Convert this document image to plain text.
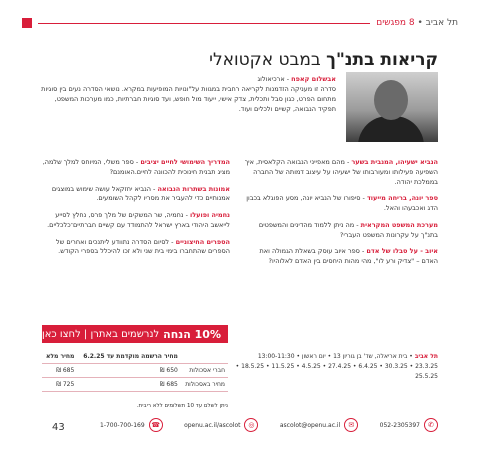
תל אביב • 8 מפגשים
קריאות בתנ"ך במבט אקטואלי
אבשלום קאפח - ארכיאולוג
סדרה זו מעניקה הזדמנות לקריאה רחבית במגוות על"ונויות המופיעות במקרא. נושאי הסדרה נעים בין סוגיות מתחום הפרט, כגון סבל ותכלית, צדק אישי, ייעוד מול חופש, ועד סוגיות חברתיות, כמו מערכות המשפט, תפקיד הנבואה, קשיים ולכלים ועוד.

הנביא ישעיהו, המנבית בשער - מהם מאפייני הנבואה הקלאסית, איך השפיעה פעילותו ומעורבותו של ישעיהו על עיצוב דמותה של החברה בממלכת יהודה.

ספר יונה, בריחה מייעוד - סיפורו של הנביא יונה, מסע הפוגלא בכבון הדג ואכבעהו והאל.

מערכת המשפט המקראית - מה ניתן ללמוד מהדינים והמשפטים בתנ"ך על עקרונות המשפט העברי?

איוב - על סבלו של אדם - ספר איוב עוסק בשאלת הגמולה ואת האדם – "צדיק ורע לו", מהי מהות היחסים בין האדם לאלוהיו?

המדריך השימושי לחיים יציבים - ספר משלי, המיוחס למלך שלמה, מציג תבנית חינוכית להכוונה לחיים.האומנם?

אמונות בשתרות הנבואה - הנביא יחזקאל עושה שימוש במוצגים אמנותיים כדי להעביר את מסריו לקהל השומעים.

נחמיה ופועלו - נחמיה, שר המשקים של מלך פרס, נחלץ לסייע לייאשב היהודי בארץ ישראל להתמודד עם קשיים חברתיים־כלכליים.

הספרים החיצוניים - לסיום הסדרה נתוודע ליתנכים ואחרים של הספרים שהתחברו בימי בית שני ולא זכו להיכלל בספרי הקודש.

10% הנחה
לנרשמים באתרן | לחצו כאן
	מחיר הרשמה מוקדמת עד 6.2.25	מחיר מלא
חברי אסכולות	650 ₪	685 ₪
מחיר באסכולות	685 ₪	725 ₪
ניתן לשלם עד 10 תשלומים ללא ריבית.
תל אביב • בית אריאלה, שד' בן גוריון 13 • יום ראשון • 13:00-11:30
23.3.25 • 30.3.25 • 6.4.25 • 27.4.25 • 4.5.25 • 11.5.25 • 18.5.25 • 25.5.25
✆
052-2305397
✉
ascolot@openu.ac.il
◎
openu.ac.il/ascolot
☎
1-700-700-169
43
